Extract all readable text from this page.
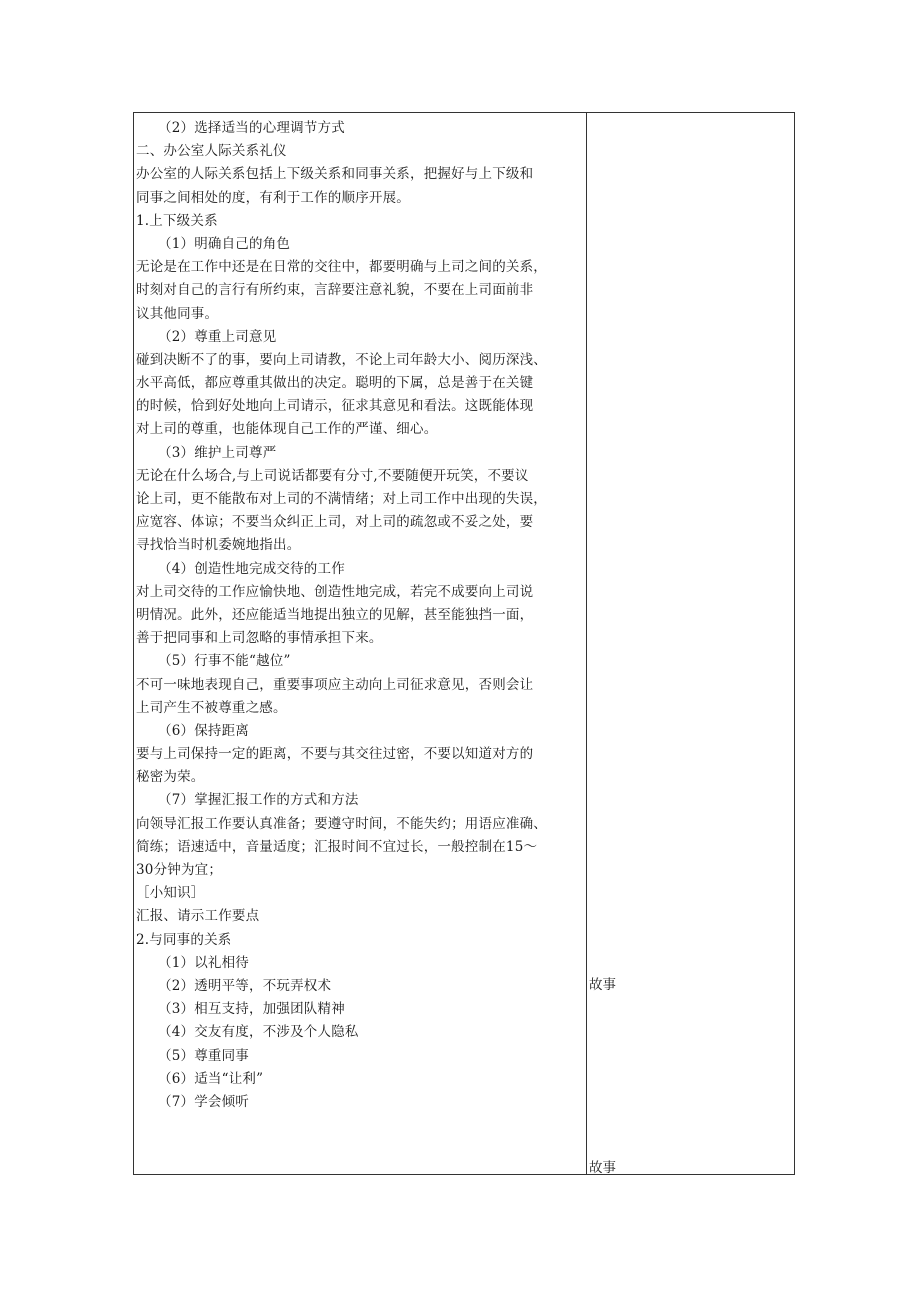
（2）选择适当的心理调节方式
二、办公室人际关系礼仪
办公室的人际关系包括上下级关系和同事关系，把握好与上下级和
同事之间相处的度，有利于工作的顺序开展。
1.上下级关系
（1）明确自己的角色
无论是在工作中还是在日常的交往中，都要明确与上司之间的关系，
时刻对自己的言行有所约束，言辞要注意礼貌，不要在上司面前非
议其他同事。
（2）尊重上司意见
碰到决断不了的事，要向上司请教，不论上司年龄大小、阅历深浅、
水平高低，都应尊重其做出的决定。聪明的下属，总是善于在关键
的时候，恰到好处地向上司请示，征求其意见和看法。这既能体现
对上司的尊重，也能体现自己工作的严谨、细心。
（3）维护上司尊严
无论在什么场合,与上司说话都要有分寸,不要随便开玩笑，不要议
论上司，更不能散布对上司的不满情绪；对上司工作中出现的失误，
应宽容、体谅；不要当众纠正上司，对上司的疏忽或不妥之处，要
寻找恰当时机委婉地指出。
（4）创造性地完成交待的工作
对上司交待的工作应愉快地、创造性地完成，若完不成要向上司说
明情况。此外，还应能适当地提出独立的见解，甚至能独挡一面，
善于把同事和上司忽略的事情承担下来。
（5）行事不能“越位”
不可一味地表现自己，重要事项应主动向上司征求意见，否则会让
上司产生不被尊重之感。
（6）保持距离
要与上司保持一定的距离，不要与其交往过密，不要以知道对方的
秘密为荣。
（7）掌握汇报工作的方式和方法
向领导汇报工作要认真准备；要遵守时间，不能失约；用语应准确、
简练；语速适中，音量适度；汇报时间不宜过长，一般控制在15～
30分钟为宜；
［小知识］
汇报、请示工作要点
2.与同事的关系
（1）以礼相待
（2）透明平等，不玩弄权术
（3）相互支持，加强团队精神
（4）交友有度，不涉及个人隐私
（5）尊重同事
（6）适当“让利”
（7）学会倾听
故事
故事
